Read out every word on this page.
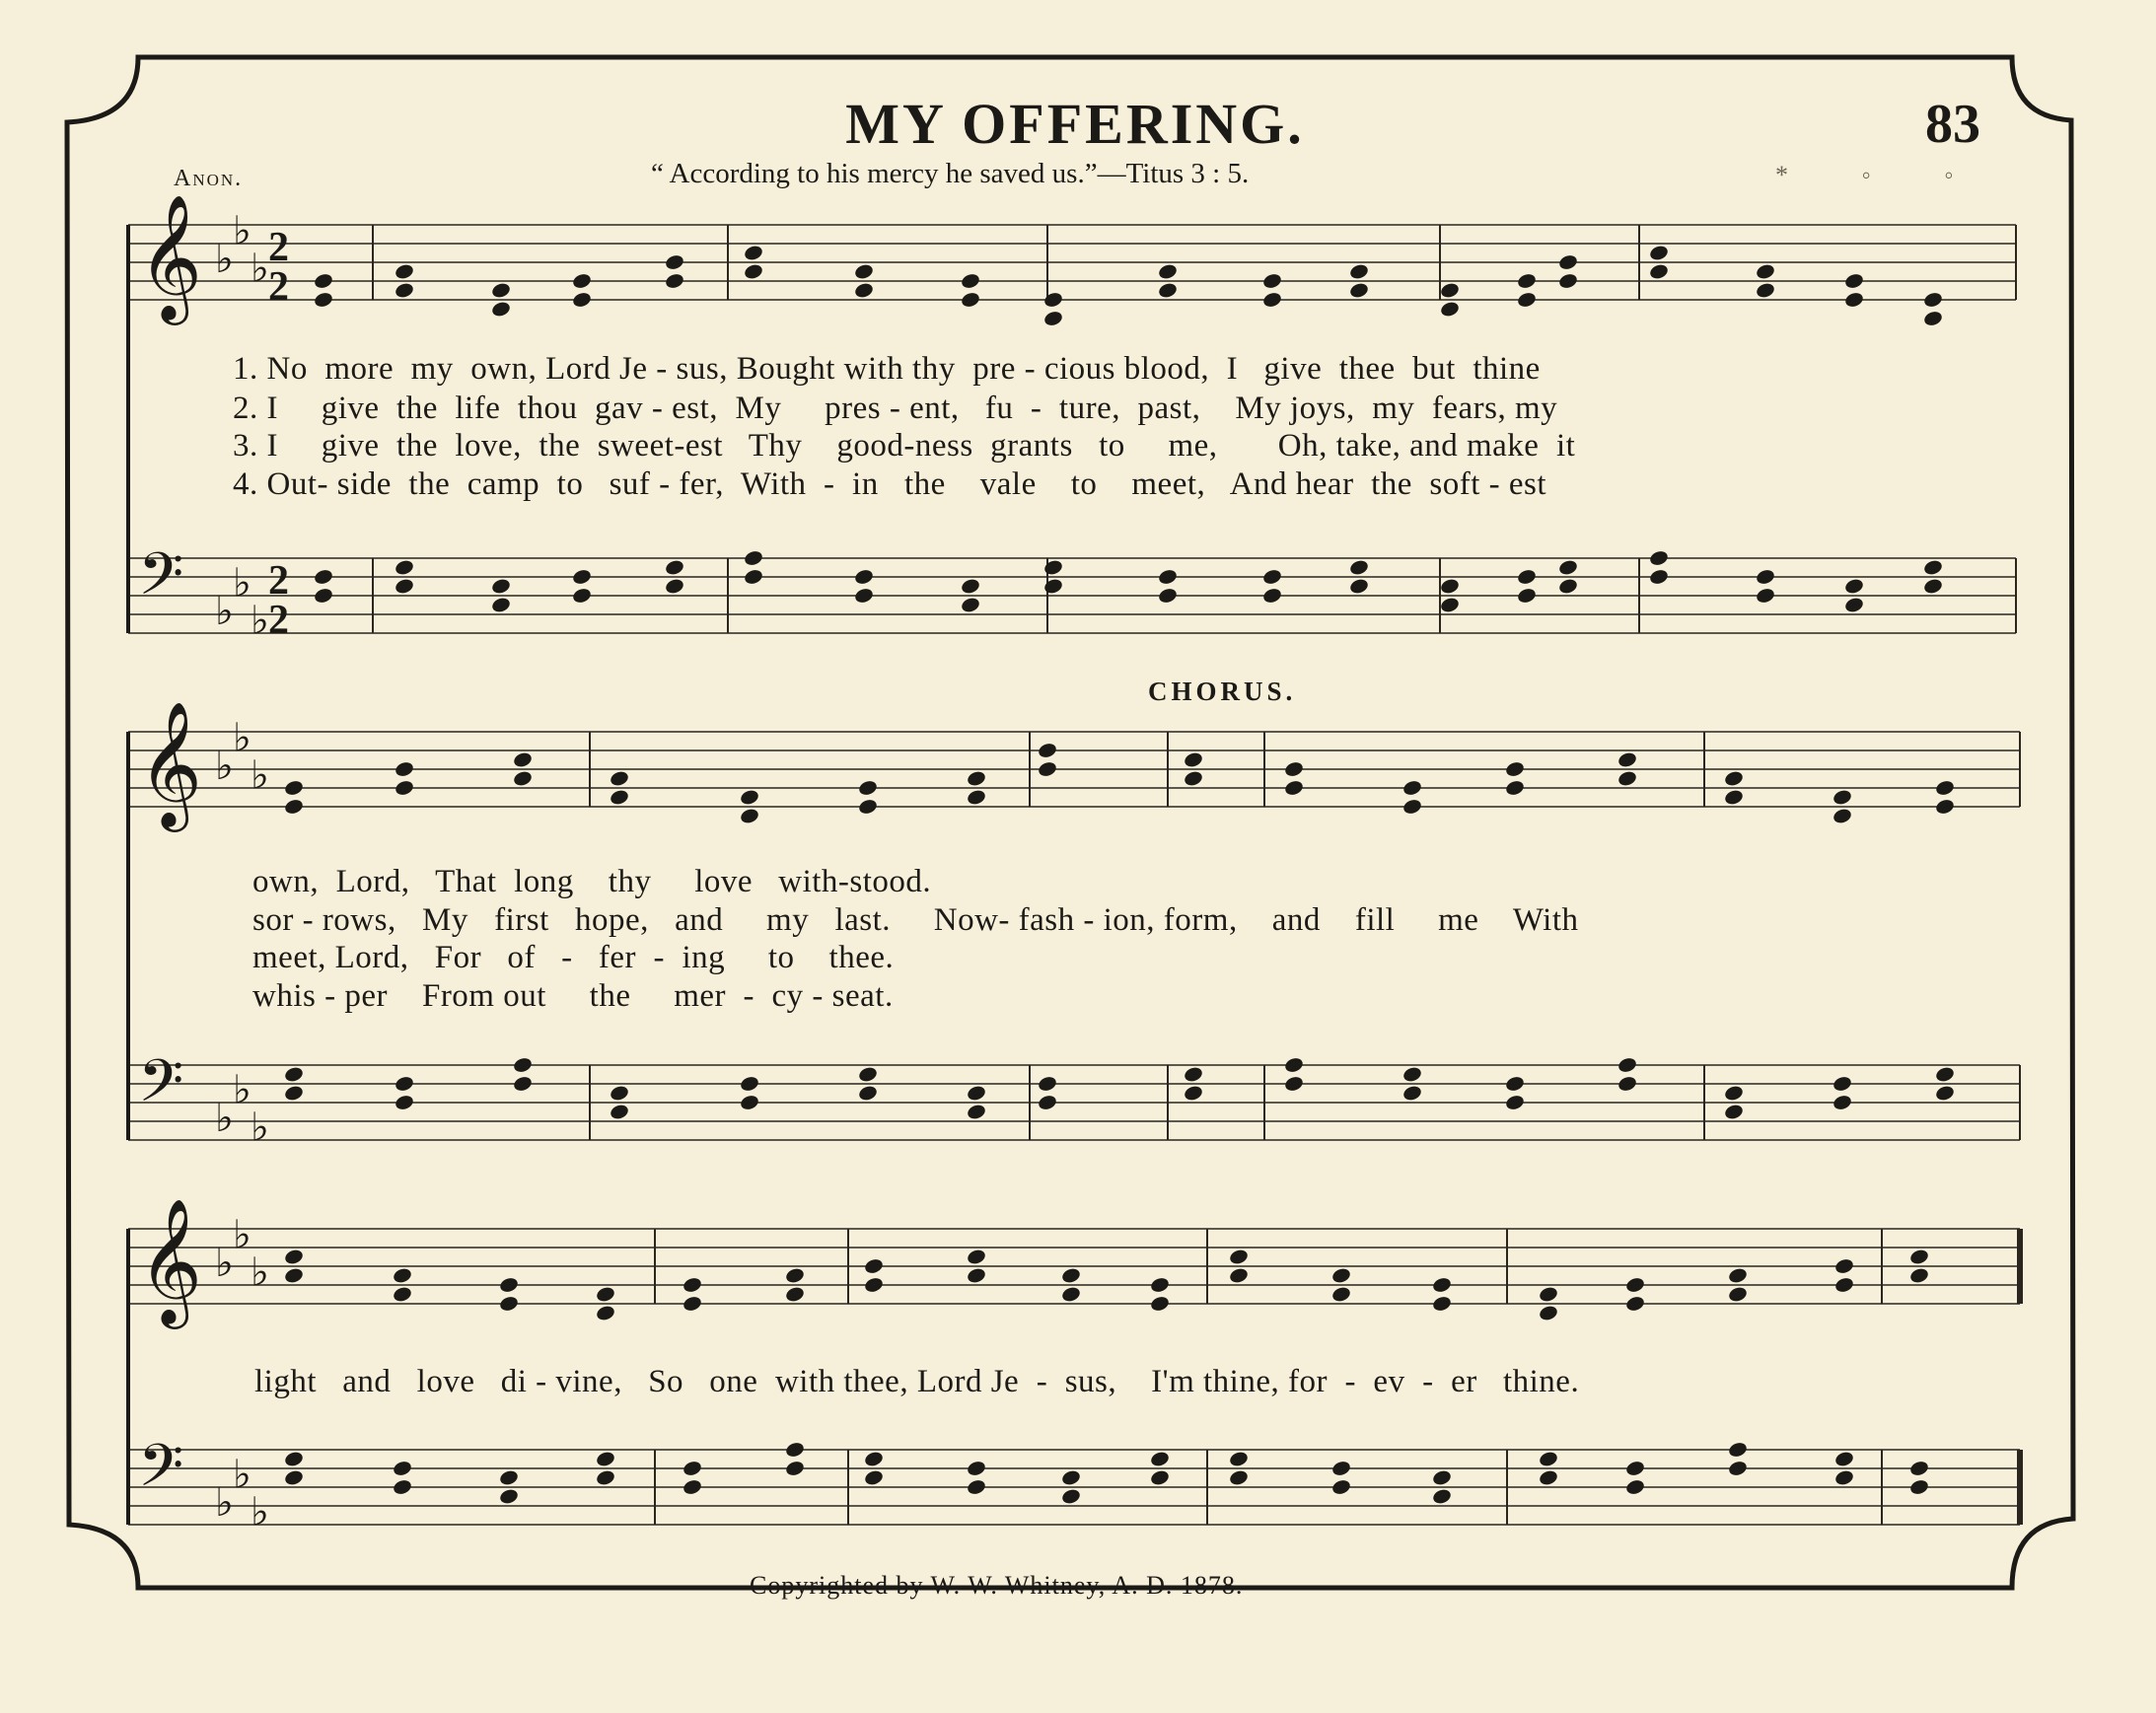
MY OFFERING.	83
Anon.	“ According to his mercy he saved us.”—Titus 3 : 5.	* ◦ ◦
𝄞 ♭
♭
♭ 2
2
𝄢 ♭
♭
♭
2
2
𝄞 ♭
♭
♭
𝄢 ♭
♭
♭
𝄞 ♭
♭
♭
𝄢 ♭
♭
♭
CHORUS.
1. No  more  my  own, Lord Je - sus, Bought with thy  pre - cious blood,  I   give  thee  but  thine
2. I     give  the  life  thou  gav - est,  My     pres - ent,   fu  -  ture,  past,    My joys,  my  fears, my
3. I     give  the  love,  the  sweet-est   Thy    good-ness  grants   to     me,       Oh, take, and make  it
4. Out- side  the  camp  to   suf - fer,  With  -  in   the    vale    to    meet,   And hear  the  soft - est
own,  Lord,   That  long    thy     love   with-stood.
sor - rows,   My   first   hope,   and     my   last.     Now- fash - ion, form,    and    fill     me    With
meet, Lord,   For   of   -   fer  -  ing     to    thee.
whis - per    From out     the     mer  -  cy - seat.
light   and   love   di - vine,   So   one  with thee, Lord Je  -  sus,    I'm thine, for  -  ev  -  er   thine.
Copyrighted by W. W. Whitney, A. D. 1878.
